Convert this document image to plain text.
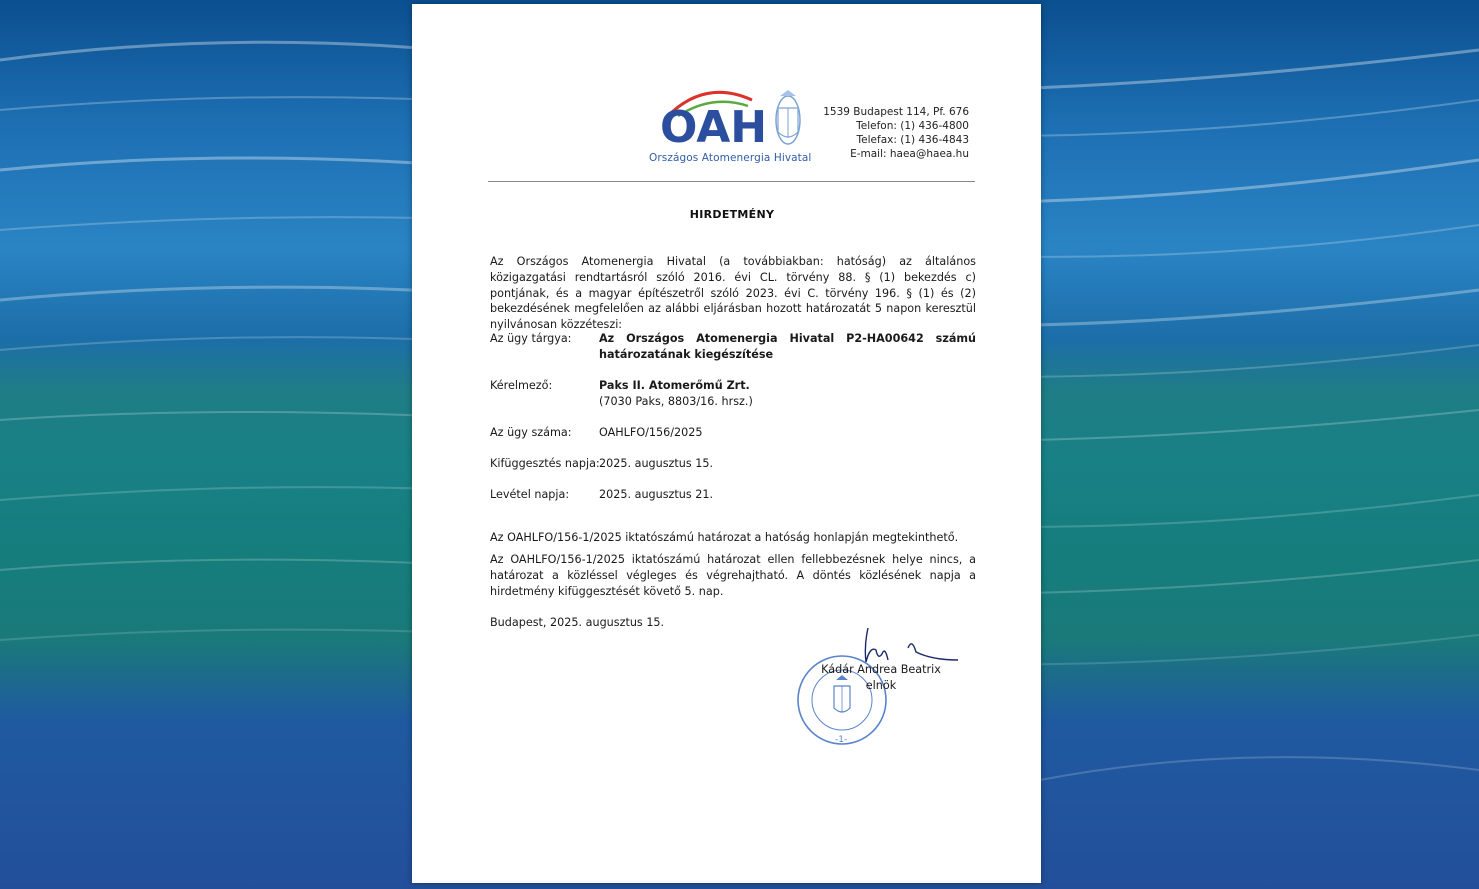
OAH
Országos Atomenergia Hivatal
1539 Budapest 114, Pf. 676
Telefon: (1) 436-4800
Telefax: (1) 436-4843
E-mail: haea@haea.hu
HIRDETMÉNY
Az Országos Atomenergia Hivatal (a továbbiakban: hatóság) az általános közigazgatási rendtartásról szóló 2016. évi CL. törvény 88. § (1) bekezdés c) pontjának, és a magyar építészetről szóló 2023. évi C. törvény 196. § (1) és (2) bekezdésének megfelelően az alábbi eljárásban hozott határozatát 5 napon keresztül nyilvánosan közzéteszi:
Az ügy tárgya:	Az Országos Atomenergia Hivatal P2-HA00642 számú határozatának kiegészítése
Kérelmező:	Paks II. Atomerőmű Zrt.
(7030 Paks, 8803/16. hrsz.)
Az ügy száma:	OAHLFO/156/2025
Kifüggesztés napja: 2025. augusztus 15.
Levétel napja:	2025. augusztus 21.
Az OAHLFO/156-1/2025 iktatószámú határozat a hatóság honlapján megtekinthető.
Az OAHLFO/156-1/2025 iktatószámú határozat ellen fellebbezésnek helye nincs, a határozat a közléssel végleges és végrehajtható. A döntés közlésének napja a hirdetmény kifüggesztését követő 5. nap.
Budapest, 2025. augusztus 15.
-1-
Kádár Andrea Beatrix
elnök
